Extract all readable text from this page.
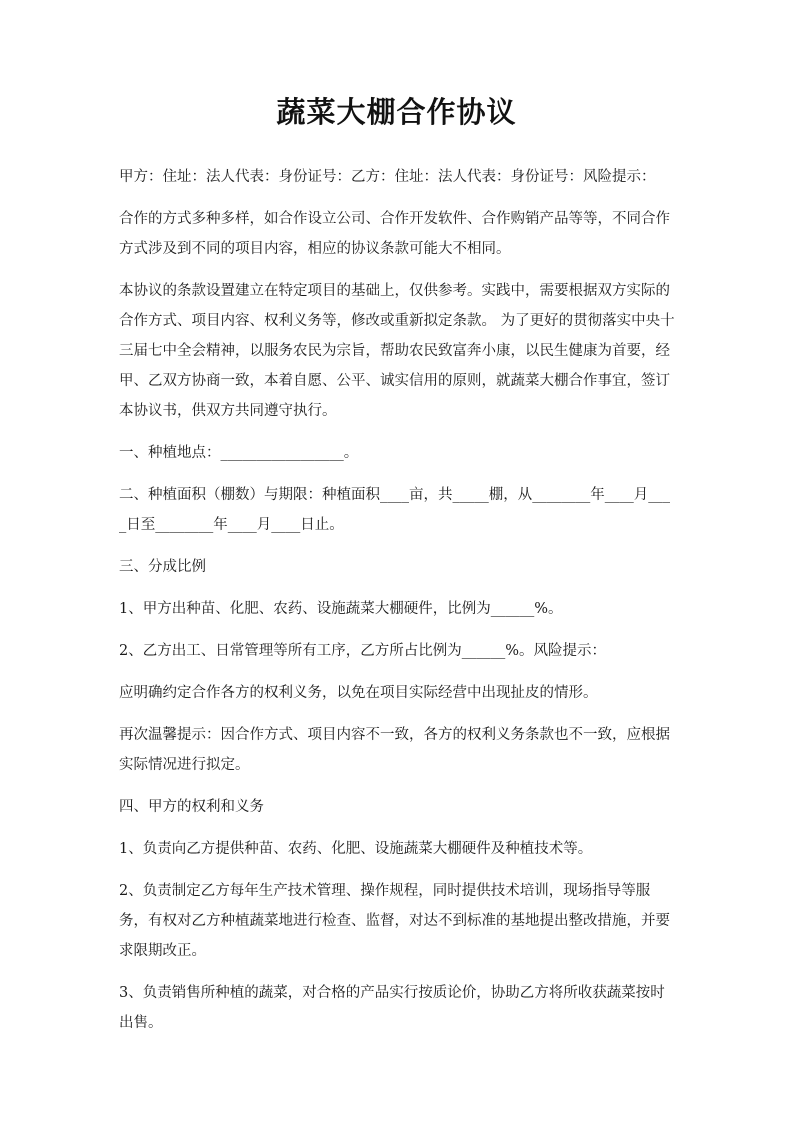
蔬菜大棚合作协议

甲方：住址：法人代表：身份证号：乙方：住址：法人代表：身份证号：风险提示：

合作的方式多种多样，如合作设立公司、合作开发软件、合作购销产品等等，不同合作方式涉及到不同的项目内容，相应的协议条款可能大不相同。

本协议的条款设置建立在特定项目的基础上，仅供参考。实践中，需要根据双方实际的合作方式、项目内容、权利义务等，修改或重新拟定条款。 为了更好的贯彻落实中央十三届七中全会精神，以服务农民为宗旨，帮助农民致富奔小康，以民生健康为首要，经甲、乙双方协商一致，本着自愿、公平、诚实信用的原则，就蔬菜大棚合作事宜，签订本协议书，供双方共同遵守执行。

一、种植地点：_________________。

二、种植面积（棚数）与期限：种植面积____亩，共_____棚，从________年____月____日至________年____月____日止。

三、分成比例

1、甲方出种苗、化肥、农药、设施蔬菜大棚硬件，比例为______%。

2、乙方出工、日常管理等所有工序，乙方所占比例为______%。风险提示：

应明确约定合作各方的权利义务，以免在项目实际经营中出现扯皮的情形。

再次温馨提示：因合作方式、项目内容不一致，各方的权利义务条款也不一致，应根据实际情况进行拟定。

四、甲方的权利和义务

1、负责向乙方提供种苗、农药、化肥、设施蔬菜大棚硬件及种植技术等。

2、负责制定乙方每年生产技术管理、操作规程，同时提供技术培训，现场指导等服务，有权对乙方种植蔬菜地进行检查、监督，对达不到标准的基地提出整改措施，并要求限期改正。

3、负责销售所种植的蔬菜，对合格的产品实行按质论价，协助乙方将所收获蔬菜按时出售。
